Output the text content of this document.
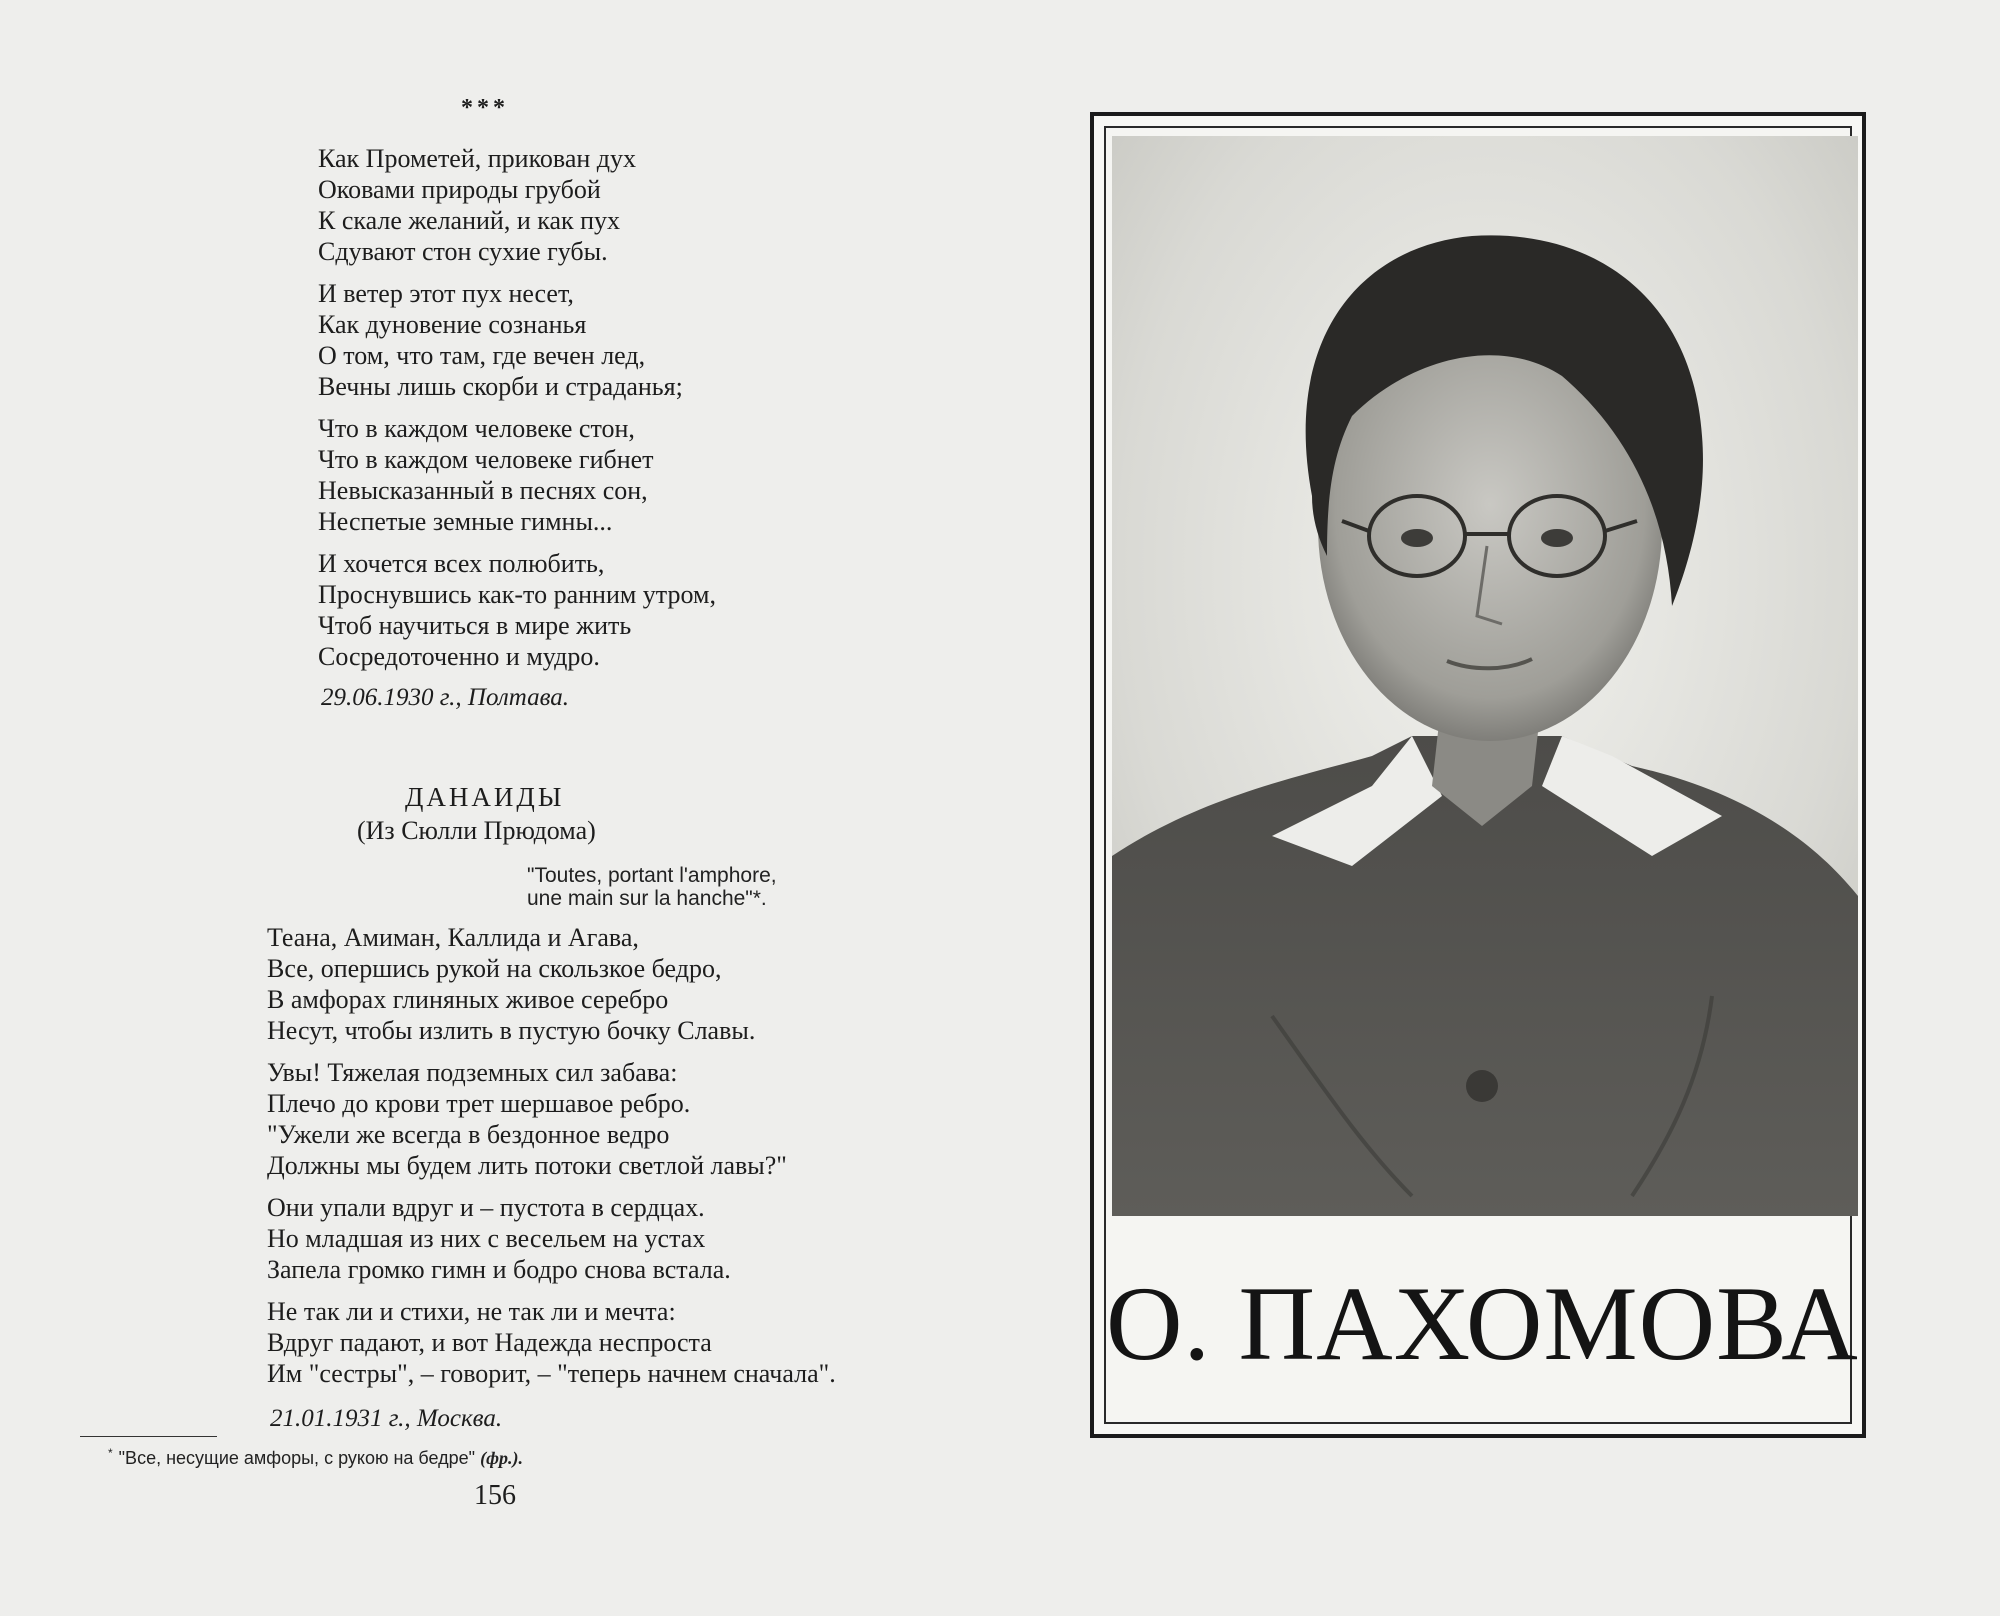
***
Как Прометей, прикован дух
Оковами природы грубой
К скале желаний, и как пух
Сдувают стон сухие губы.
И ветер этот пух несет,
Как дуновение сознанья
О том, что там, где вечен лед,
Вечны лишь скорби и страданья;
Что в каждом человеке стон,
Что в каждом человеке гибнет
Невысказанный в песнях сон,
Неспетые земные гимны...
И хочется всех полюбить,
Проснувшись как-то ранним утром,
Чтоб научиться в мире жить
Сосредоточенно и мудро.
29.06.1930 г., Полтава.
ДАНАИДЫ
(Из Сюлли Прюдома)
"Toutes, portant l'amphore,
une main sur la hanche"*.
Теана, Амиман, Каллида и Агава,
Все, опершись рукой на скользкое бедро,
В амфорах глиняных живое серебро
Несут, чтобы излить в пустую бочку Славы.
Увы! Тяжелая подземных сил забава:
Плечо до крови трет шершавое ребро.
"Ужели же всегда в бездонное ведро
Должны мы будем лить потоки светлой лавы?"
Они упали вдруг и – пустота в сердцах.
Но младшая из них с весельем на устах
Запела громко гимн и бодро снова встала.
Не так ли и стихи, не так ли и мечта:
Вдруг падают, и вот Надежда неспроста
Им "сестры", – говорит, – "теперь начнем сначала".
21.01.1931 г., Москва.
* "Все, несущие амфоры, с рукою на бедре" (фр.).
156
О. ПАХОМОВА
